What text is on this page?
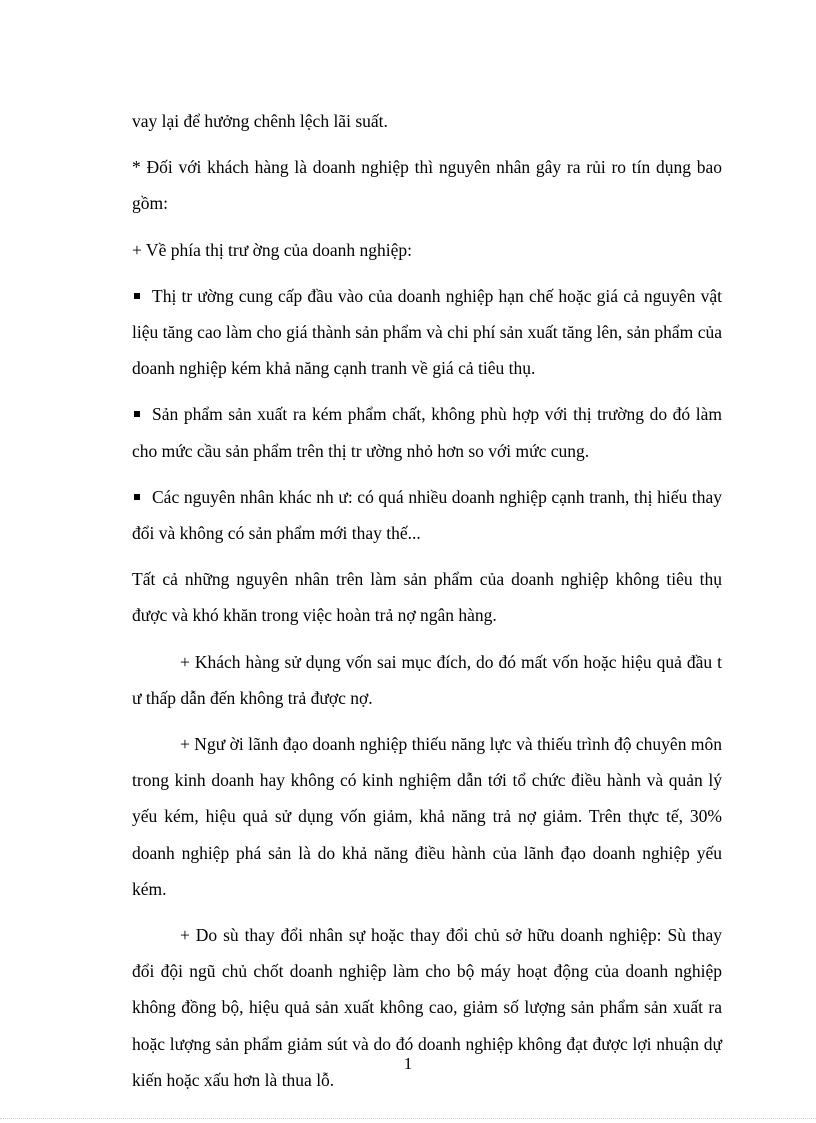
vay lại để hưởng chênh lệch lãi suất.

* Đối với khách hàng là doanh nghiệp thì nguyên nhân gây ra rủi ro tín dụng bao gồm:

+ Về phía thị trư ờng của doanh nghiệp:

Thị tr ường cung cấp đầu vào của doanh nghiệp hạn chế hoặc giá cả nguyên vật liệu tăng cao làm cho giá thành sản phẩm và chi phí sản xuất tăng lên, sản phẩm của doanh nghiệp kém khả năng cạnh tranh về giá cả tiêu thụ.

Sản phẩm sản xuất ra kém phẩm chất, không phù hợp với thị trường do đó làm cho mức cầu sản phẩm trên thị tr ường nhỏ hơn so với mức cung.

Các nguyên nhân khác nh ư: có quá nhiều doanh nghiệp cạnh tranh, thị hiếu thay đổi và không có sản phẩm mới thay thế...

Tất cả những nguyên nhân trên làm sản phẩm của doanh nghiệp không tiêu thụ được và khó khăn trong việc hoàn trả nợ ngân hàng.

+ Khách hàng sử dụng vốn sai mục đích, do đó mất vốn hoặc hiệu quả đầu t ư thấp dẫn đến không trả được nợ.

+ Ngư ời lãnh đạo doanh nghiệp thiếu năng lực và thiếu trình độ chuyên môn trong kinh doanh hay không có kinh nghiệm dẫn tới tổ chức điều hành và quản lý yếu kém, hiệu quả sử dụng vốn giảm, khả năng trả nợ giảm. Trên thực tế, 30% doanh nghiệp phá sản là do khả năng điều hành của lãnh đạo doanh nghiệp yếu kém.

+ Do sù thay đổi nhân sự hoặc thay đổi chủ sở hữu doanh nghiệp: Sù thay đổi đội ngũ chủ chốt doanh nghiệp làm cho bộ máy hoạt động của doanh nghiệp không đồng bộ, hiệu quả sản xuất không cao, giảm số lượng sản phẩm sản xuất ra hoặc lượng sản phẩm giảm sút và do đó doanh nghiệp không đạt được lợi nhuận dự kiến hoặc xấu hơn là thua lỗ.

1
